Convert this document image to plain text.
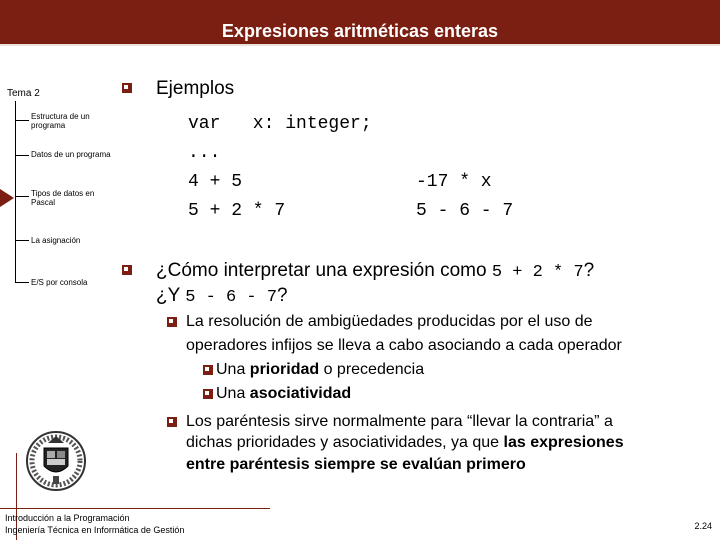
Expresiones aritméticas enteras
Tema 2
Estructura de un programa
Datos de un programa
Tipos de datos en Pascal
La asignación
E/S por consola
Ejemplos
var   x: integer;
...
4 + 5	-17 * x
5 + 2 * 7	5 - 6 - 7
¿Cómo interpretar una expresión como 5 + 2 * 7?
¿Y 5 - 6 - 7?
La resolución de ambigüedades producidas por el uso de
operadores infijos se lleva a cabo asociando a cada operador
Una prioridad o precedencia
Una asociatividad
Los paréntesis sirve normalmente para “llevar la contraria” a
dichas prioridades y asociatividades, ya que las expresiones
entre paréntesis siempre se evalúan primero
Introducción a la Programación
Ingeniería Técnica en Informática de Gestión	2.24
